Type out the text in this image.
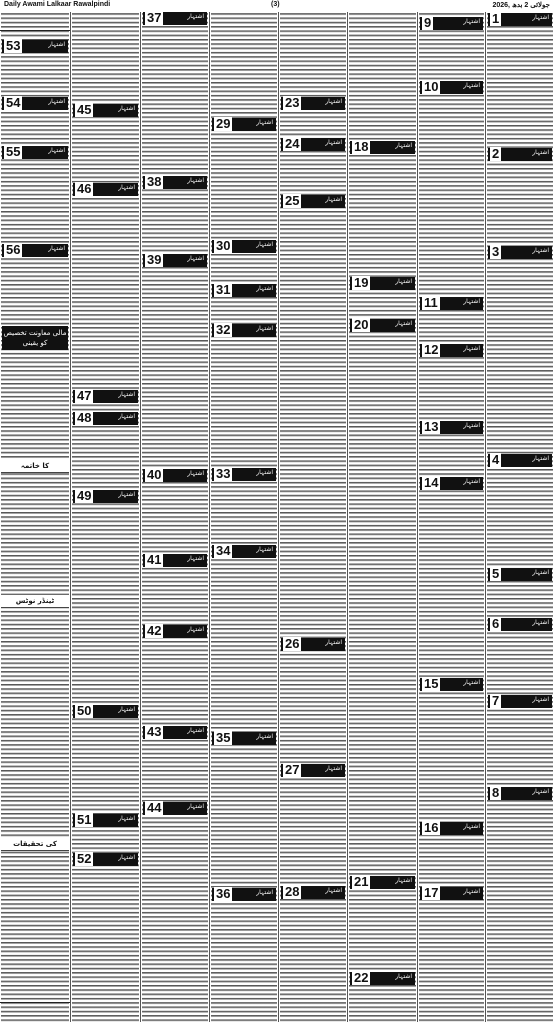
Daily Awami Lalkaar Rawalpindi	(3)	2026, جولائی 2 بدھ
1	اشتہار
2	اشتہار
3	اشتہار
4	اشتہار
5	اشتہار
6	اشتہار
7	اشتہار
8	اشتہار
9	اشتہار
10	اشتہار
11	اشتہار
12	اشتہار
13	اشتہار
14	اشتہار
15	اشتہار
16	اشتہار
17	اشتہار
18	اشتہار
19	اشتہار
20	اشتہار
21	اشتہار
22	اشتہار
23	اشتہار
24	اشتہار
25	اشتہار
26	اشتہار
27	اشتہار
28	اشتہار
29	اشتہار
30	اشتہار
31	اشتہار
32	اشتہار
33	اشتہار
34	اشتہار
35	اشتہار
36	اشتہار
37	اشتہار
38	اشتہار
39	اشتہار
40	اشتہار
41	اشتہار
42	اشتہار
43	اشتہار
44	اشتہار
45	اشتہار
46	اشتہار
47	اشتہار
48	اشتہار
49	اشتہار
50	اشتہار
51	اشتہار
52	اشتہار
53	اشتہار
54	اشتہار
55	اشتہار
56	اشتہار
مالی معاونت تخصیص کو یقینی
کا خاتمہ
ٹینڈر نوٹس
کی تحقیقات
